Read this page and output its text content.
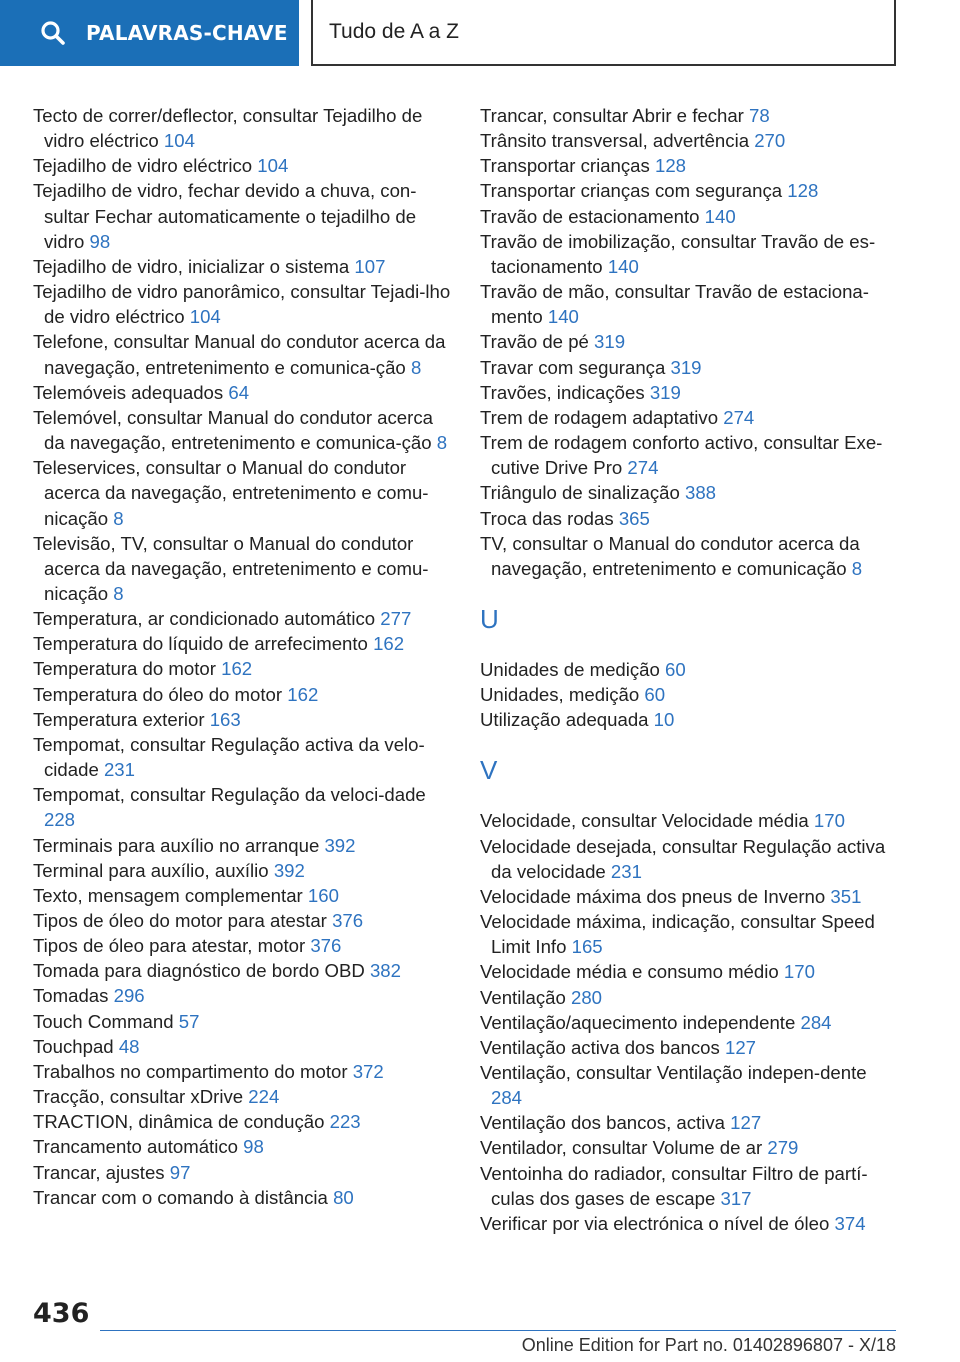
PALAVRAS-CHAVE Tudo de A a Z
Tecto de correr/deflector, consultar Tejadilho de vidro eléctrico 104
Tejadilho de vidro eléctrico 104
Tejadilho de vidro, fechar devido a chuva, con-sultar Fechar automaticamente o tejadilho de vidro 98
Tejadilho de vidro, inicializar o sistema 107
Tejadilho de vidro panorâmico, consultar Tejadi-lho de vidro eléctrico 104
Telefone, consultar Manual do condutor acerca da navegação, entretenimento e comunica-ção 8
Telemóveis adequados 64
Telemóvel, consultar Manual do condutor acerca da navegação, entretenimento e comunica-ção 8
Teleservices, consultar o Manual do condutor acerca da navegação, entretenimento e comu-nicação 8
Televisão, TV, consultar o Manual do condutor acerca da navegação, entretenimento e comu-nicação 8
Temperatura, ar condicionado automático 277
Temperatura do líquido de arrefecimento 162
Temperatura do motor 162
Temperatura do óleo do motor 162
Temperatura exterior 163
Tempomat, consultar Regulação activa da velo-cidade 231
Tempomat, consultar Regulação da veloci-dade 228
Terminais para auxílio no arranque 392
Terminal para auxílio, auxílio 392
Texto, mensagem complementar 160
Tipos de óleo do motor para atestar 376
Tipos de óleo para atestar, motor 376
Tomada para diagnóstico de bordo OBD 382
Tomadas 296
Touch Command 57
Touchpad 48
Trabalhos no compartimento do motor 372
Tracção, consultar xDrive 224
TRACTION, dinâmica de condução 223
Trancamento automático 98
Trancar, ajustes 97
Trancar com o comando à distância 80
Trancar, consultar Abrir e fechar 78
Trânsito transversal, advertência 270
Transportar crianças 128
Transportar crianças com segurança 128
Travão de estacionamento 140
Travão de imobilização, consultar Travão de es-tacionamento 140
Travão de mão, consultar Travão de estaciona-mento 140
Travão de pé 319
Travar com segurança 319
Travões, indicações 319
Trem de rodagem adaptativo 274
Trem de rodagem conforto activo, consultar Exe-cutive Drive Pro 274
Triângulo de sinalização 388
Troca das rodas 365
TV, consultar o Manual do condutor acerca da navegação, entretenimento e comunicação 8
U
Unidades de medição 60
Unidades, medição 60
Utilização adequada 10
V
Velocidade, consultar Velocidade média 170
Velocidade desejada, consultar Regulação activa da velocidade 231
Velocidade máxima dos pneus de Inverno 351
Velocidade máxima, indicação, consultar Speed Limit Info 165
Velocidade média e consumo médio 170
Ventilação 280
Ventilação/aquecimento independente 284
Ventilação activa dos bancos 127
Ventilação, consultar Ventilação indepen-dente 284
Ventilação dos bancos, activa 127
Ventilador, consultar Volume de ar 279
Ventoinha do radiador, consultar Filtro de partí-culas dos gases de escape 317
Verificar por via electrónica o nível de óleo 374
436
Online Edition for Part no. 01402896807 - X/18
